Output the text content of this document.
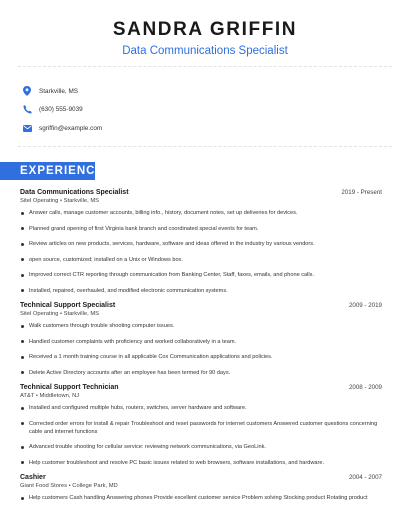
SANDRA GRIFFIN
Data Communications Specialist
Starkville, MS
(630) 555-9039
sgriffin@example.com
EXPERIENCE
Data Communications Specialist	2019 - Present
Sitel Operating • Starkville, MS
Answer calls, manage customer accounts, billing info., history, document notes, set up deliveries for devices.
Planned grand opening of first Virginia bank branch and coordinated special events for team.
Review articles on new products, services, hardware, software and ideas offered in the industry by various vendors.
open source, customized; installed on a Unix or Windows box.
Improved correct CTR reporting through communication from Banking Center, Staff, faxes, emails, and phone calls.
Installed, repaired, overhauled, and modified electronic communication systems.
Technical Support Specialist	2009 - 2019
Sitel Operating • Starkville, MS
Walk customers through trouble shooting computer issues.
Handled customer complaints with proficiency and worked collaboratively in a team.
Received a 1 month training course in all applicable Cox Communication applications and policies.
Delete Active Directory accounts after an employee has been termed for 90 days.
Technical Support Technician	2008 - 2009
AT&T • Middletown, NJ
Installed and configured multiple hubs, routers, switches, server hardware and software.
Corrected order errors for install & repair Troubleshoot and reset passwords for internet customers Answered customer questions concerning cable and internet functions
Advanced trouble shooting for cellular service: reviewing network communications, via GeoLink.
Help customer troubleshoot and resolve PC basic issues related to web browsers, software installations, and hardware.
Cashier	2004 - 2007
Giant Food Stores • College Park, MD
Help customers Cash handling Answering phones Provide excellent customer service Problem solving Stocking product Rotating product
